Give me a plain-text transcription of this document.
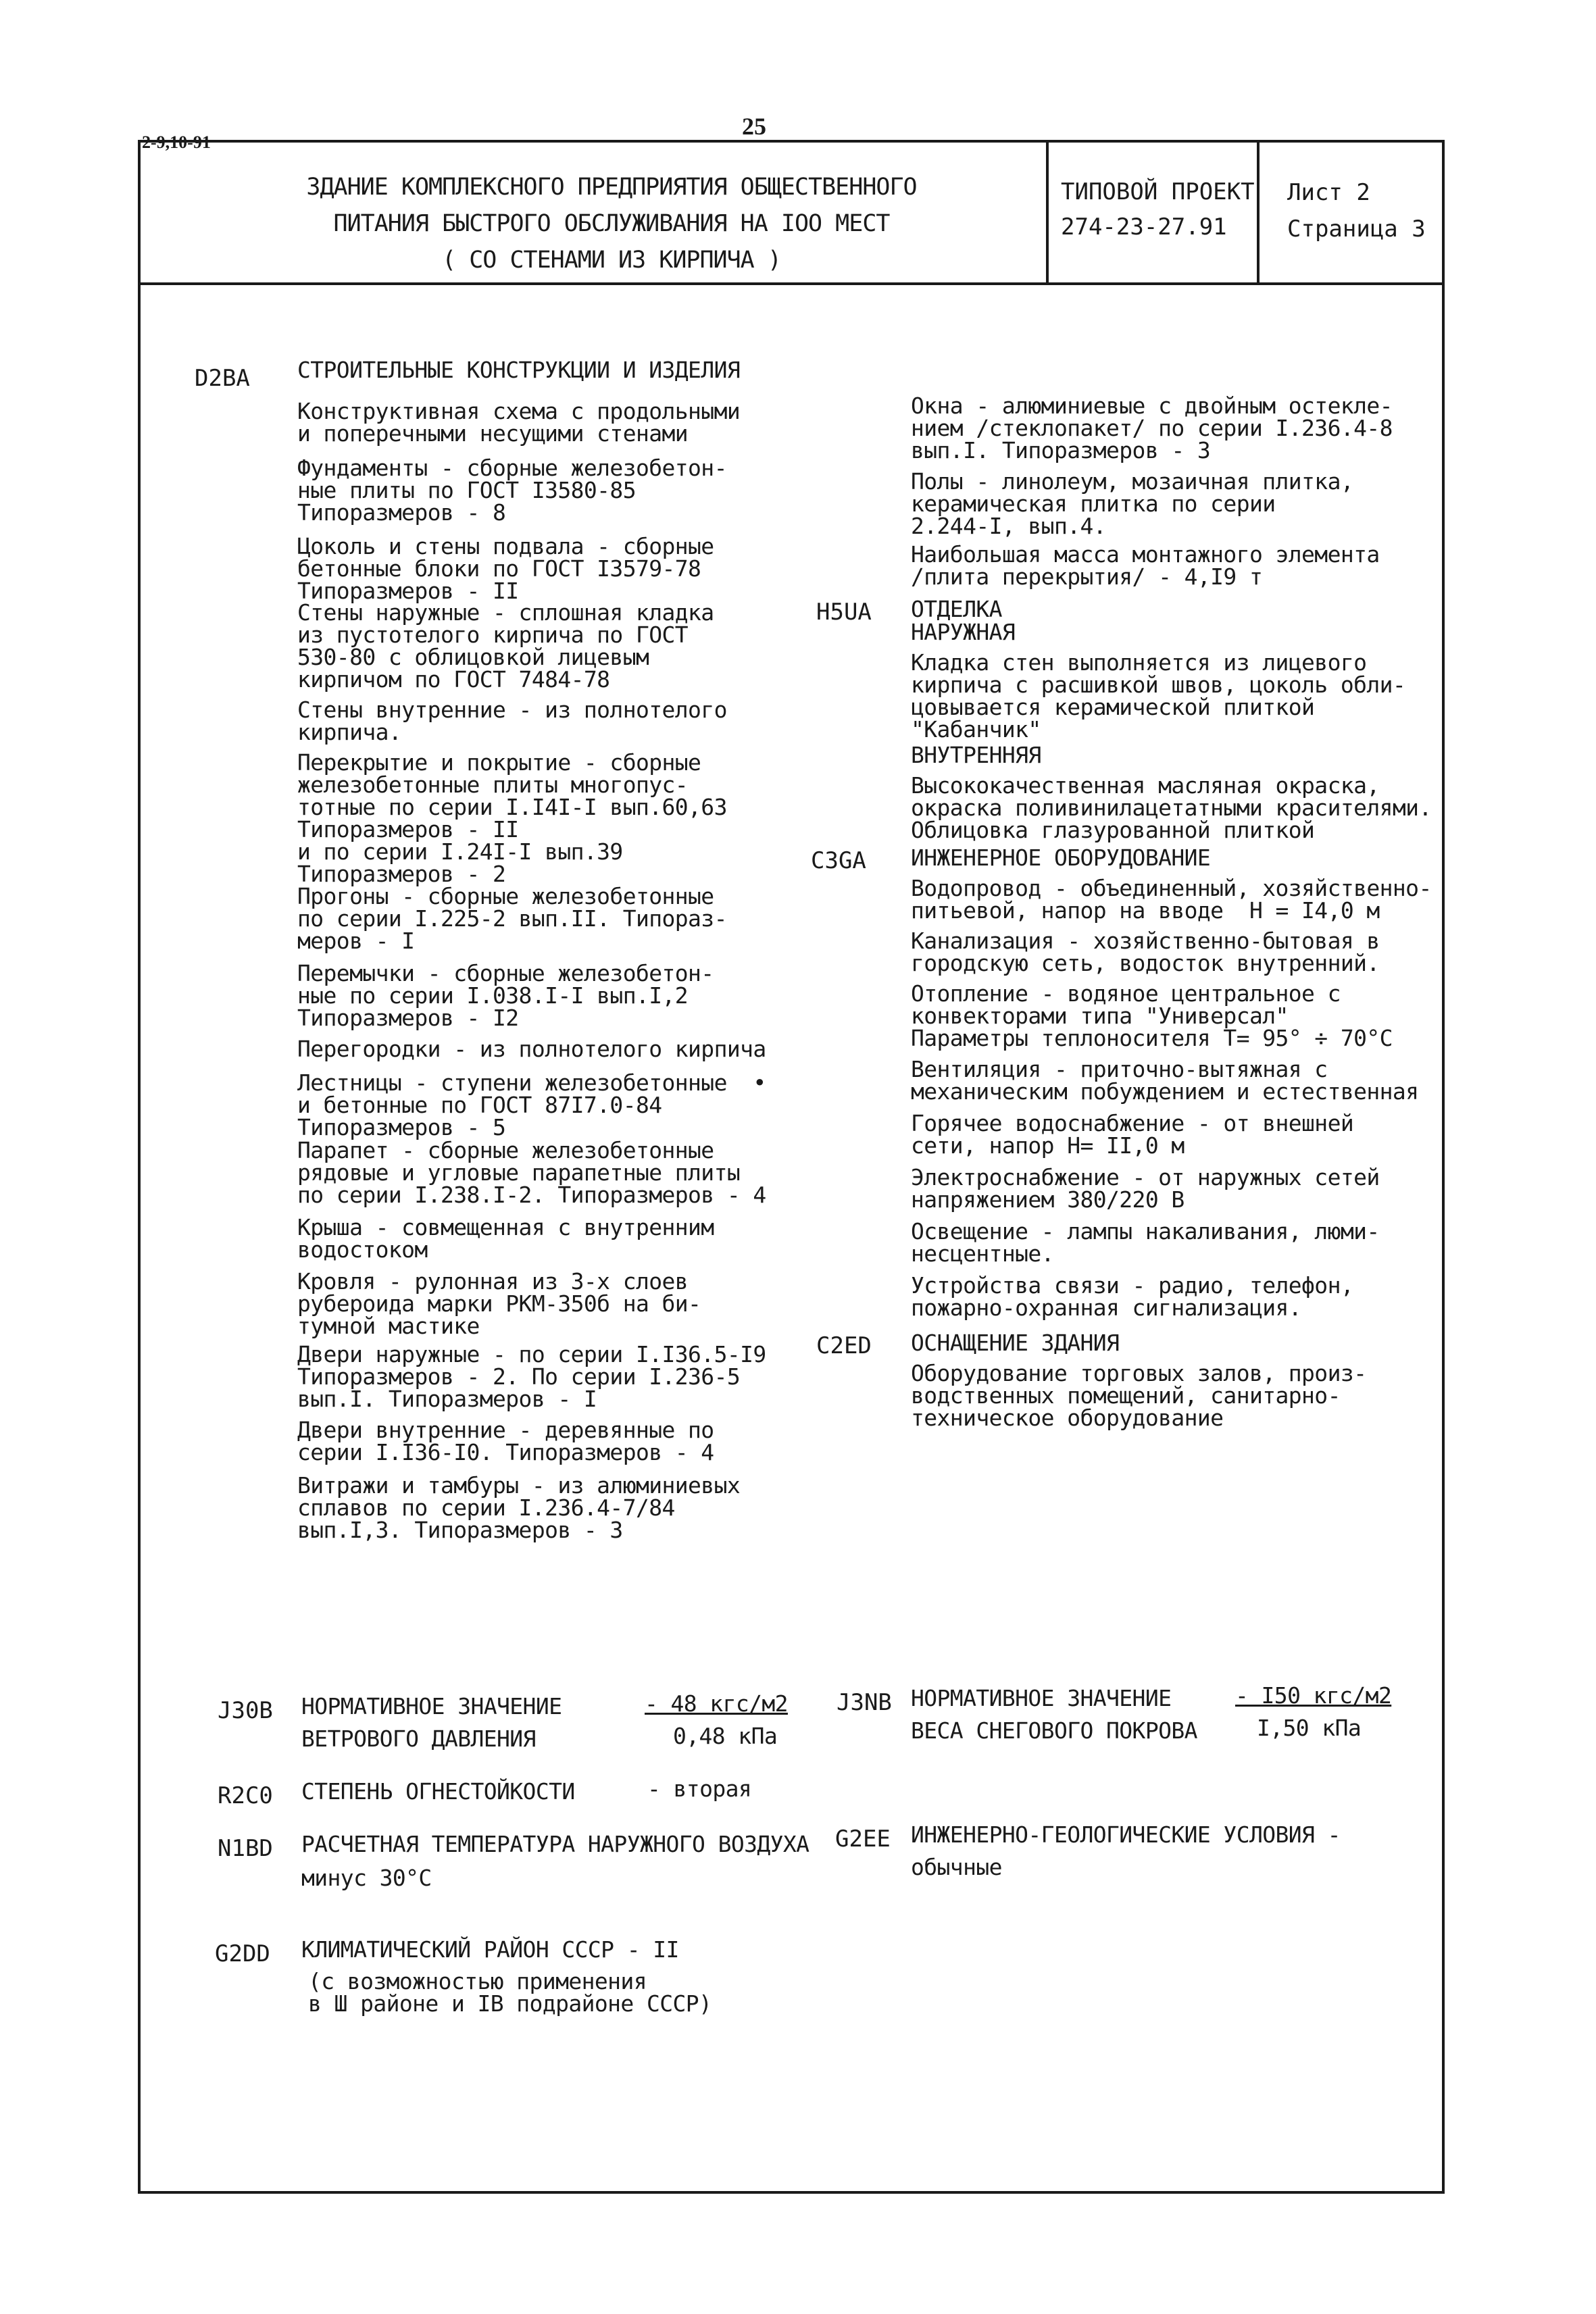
2-9,10-91
25
ЗДАНИЕ КОМПЛЕКСНОГО ПРЕДПРИЯТИЯ ОБЩЕСТВЕННОГО
ПИТАНИЯ БЫСТРОГО ОБСЛУЖИВАНИЯ НА IOO МЕСТ
( СО СТЕНАМИ ИЗ КИРПИЧА )
ТИПОВОЙ ПРОЕКТ
274-23-27.91
Лист 2
Страница 3
D2BA СТРОИТЕЛЬНЫЕ КОНСТРУКЦИИ И ИЗДЕЛИЯ
Конструктивная схема с продольными
и поперечными несущими стенами
Фундаменты - сборные железобетон-
ные плиты по ГОСТ I3580-85
Типоразмеров - 8
Цоколь и стены подвала - сборные
бетонные блоки по ГОСТ I3579-78
Типоразмеров - II
Стены наружные - сплошная кладка
из пустотелого кирпича по ГОСТ
530-80 с облицовкой лицевым
кирпичом по ГОСТ 7484-78
Стены внутренние - из полнотелого
кирпича.
Перекрытие и покрытие - сборные
железобетонные плиты многопус-
тотные по серии I.I4I-I вып.60,63
Типоразмеров - II
и по серии I.24I-I вып.39
Типоразмеров - 2
Прогоны - сборные железобетонные
по серии I.225-2 вып.II. Типораз-
меров - I
Перемычки - сборные железобетон-
ные по серии I.038.I-I вып.I,2
Типоразмеров - I2
Перегородки - из полнотелого кирпича
Лестницы - ступени железобетонные  •
и бетонные по ГОСТ 87I7.0-84
Типоразмеров - 5
Парапет - сборные железобетонные
рядовые и угловые парапетные плиты
по серии I.238.I-2. Типоразмеров - 4
Крыша - совмещенная с внутренним
водостоком
Кровля - рулонная из 3-х слоев
рубероида марки РКМ-350б на би-
тумной мастике
Двери наружные - по серии I.I36.5-I9
Типоразмеров - 2. По серии I.236-5
вып.I. Типоразмеров - I
Двери внутренние - деревянные по
серии I.I36-I0. Типоразмеров - 4
Витражи и тамбуры - из алюминиевых
сплавов по серии I.236.4-7/84
вып.I,3. Типоразмеров - 3
Окна - алюминиевые с двойным остекле-
нием /стеклопакет/ по серии I.236.4-8
вып.I. Типоразмеров - 3
Полы - линолеум, мозаичная плитка,
керамическая плитка по серии
2.244-I, вып.4.
Наибольшая масса монтажного элемента
/плита перекрытия/ - 4,I9 т
H5UA ОТДЕЛКА
НАРУЖНАЯ
Кладка стен выполняется из лицевого
кирпича с расшивкой швов, цоколь обли-
цовывается керамической плиткой
"Кабанчик"
ВНУТРЕННЯЯ
Высококачественная масляная окраска,
окраска поливинилацетатными красителями.
Облицовка глазурованной плиткой
C3GA ИНЖЕНЕРНОЕ ОБОРУДОВАНИЕ
Водопровод - объединенный, хозяйственно-
питьевой, напор на вводе  H = I4,0 м
Канализация - хозяйственно-бытовая в
городскую сеть, водосток внутренний.
Отопление - водяное центральное с
конвекторами типа "Универсал"
Параметры теплоносителя Т= 95° ÷ 70°С
Вентиляция - приточно-вытяжная с
механическим побуждением и естественная
Горячее водоснабжение - от внешней
сети, напор H= II,0 м
Электроснабжение - от наружных сетей
напряжением 380/220 В
Освещение - лампы накаливания, люми-
несцентные.
Устройства связи - радио, телефон,
пожарно-охранная сигнализация.
C2ED ОСНАЩЕНИЕ ЗДАНИЯ
Оборудование торговых залов, произ-
водственных помещений, санитарно-
техническое оборудование
J30B НОРМАТИВНОЕ ЗНАЧЕНИЕ
ВЕТРОВОГО ДАВЛЕНИЯ
- 48 кгс/м2
0,48 кПа
J3NB НОРМАТИВНОЕ ЗНАЧЕНИЕ
ВЕСА СНЕГОВОГО ПОКРОВА
- I50 кгс/м2
I,50 кПа
R2C0 СТЕПЕНЬ ОГНЕСТОЙКОСТИ	- вторая
N1BD РАСЧЕТНАЯ ТЕМПЕРАТУРА НАРУЖНОГО ВОЗДУХА
минус 30°С
G2EE ИНЖЕНЕРНО-ГЕОЛОГИЧЕСКИЕ УСЛОВИЯ -
обычные
G2DD КЛИМАТИЧЕСКИЙ РАЙОН СССР - II
(с возможностью применения
в Ш районе и IB подрайоне СССР)
